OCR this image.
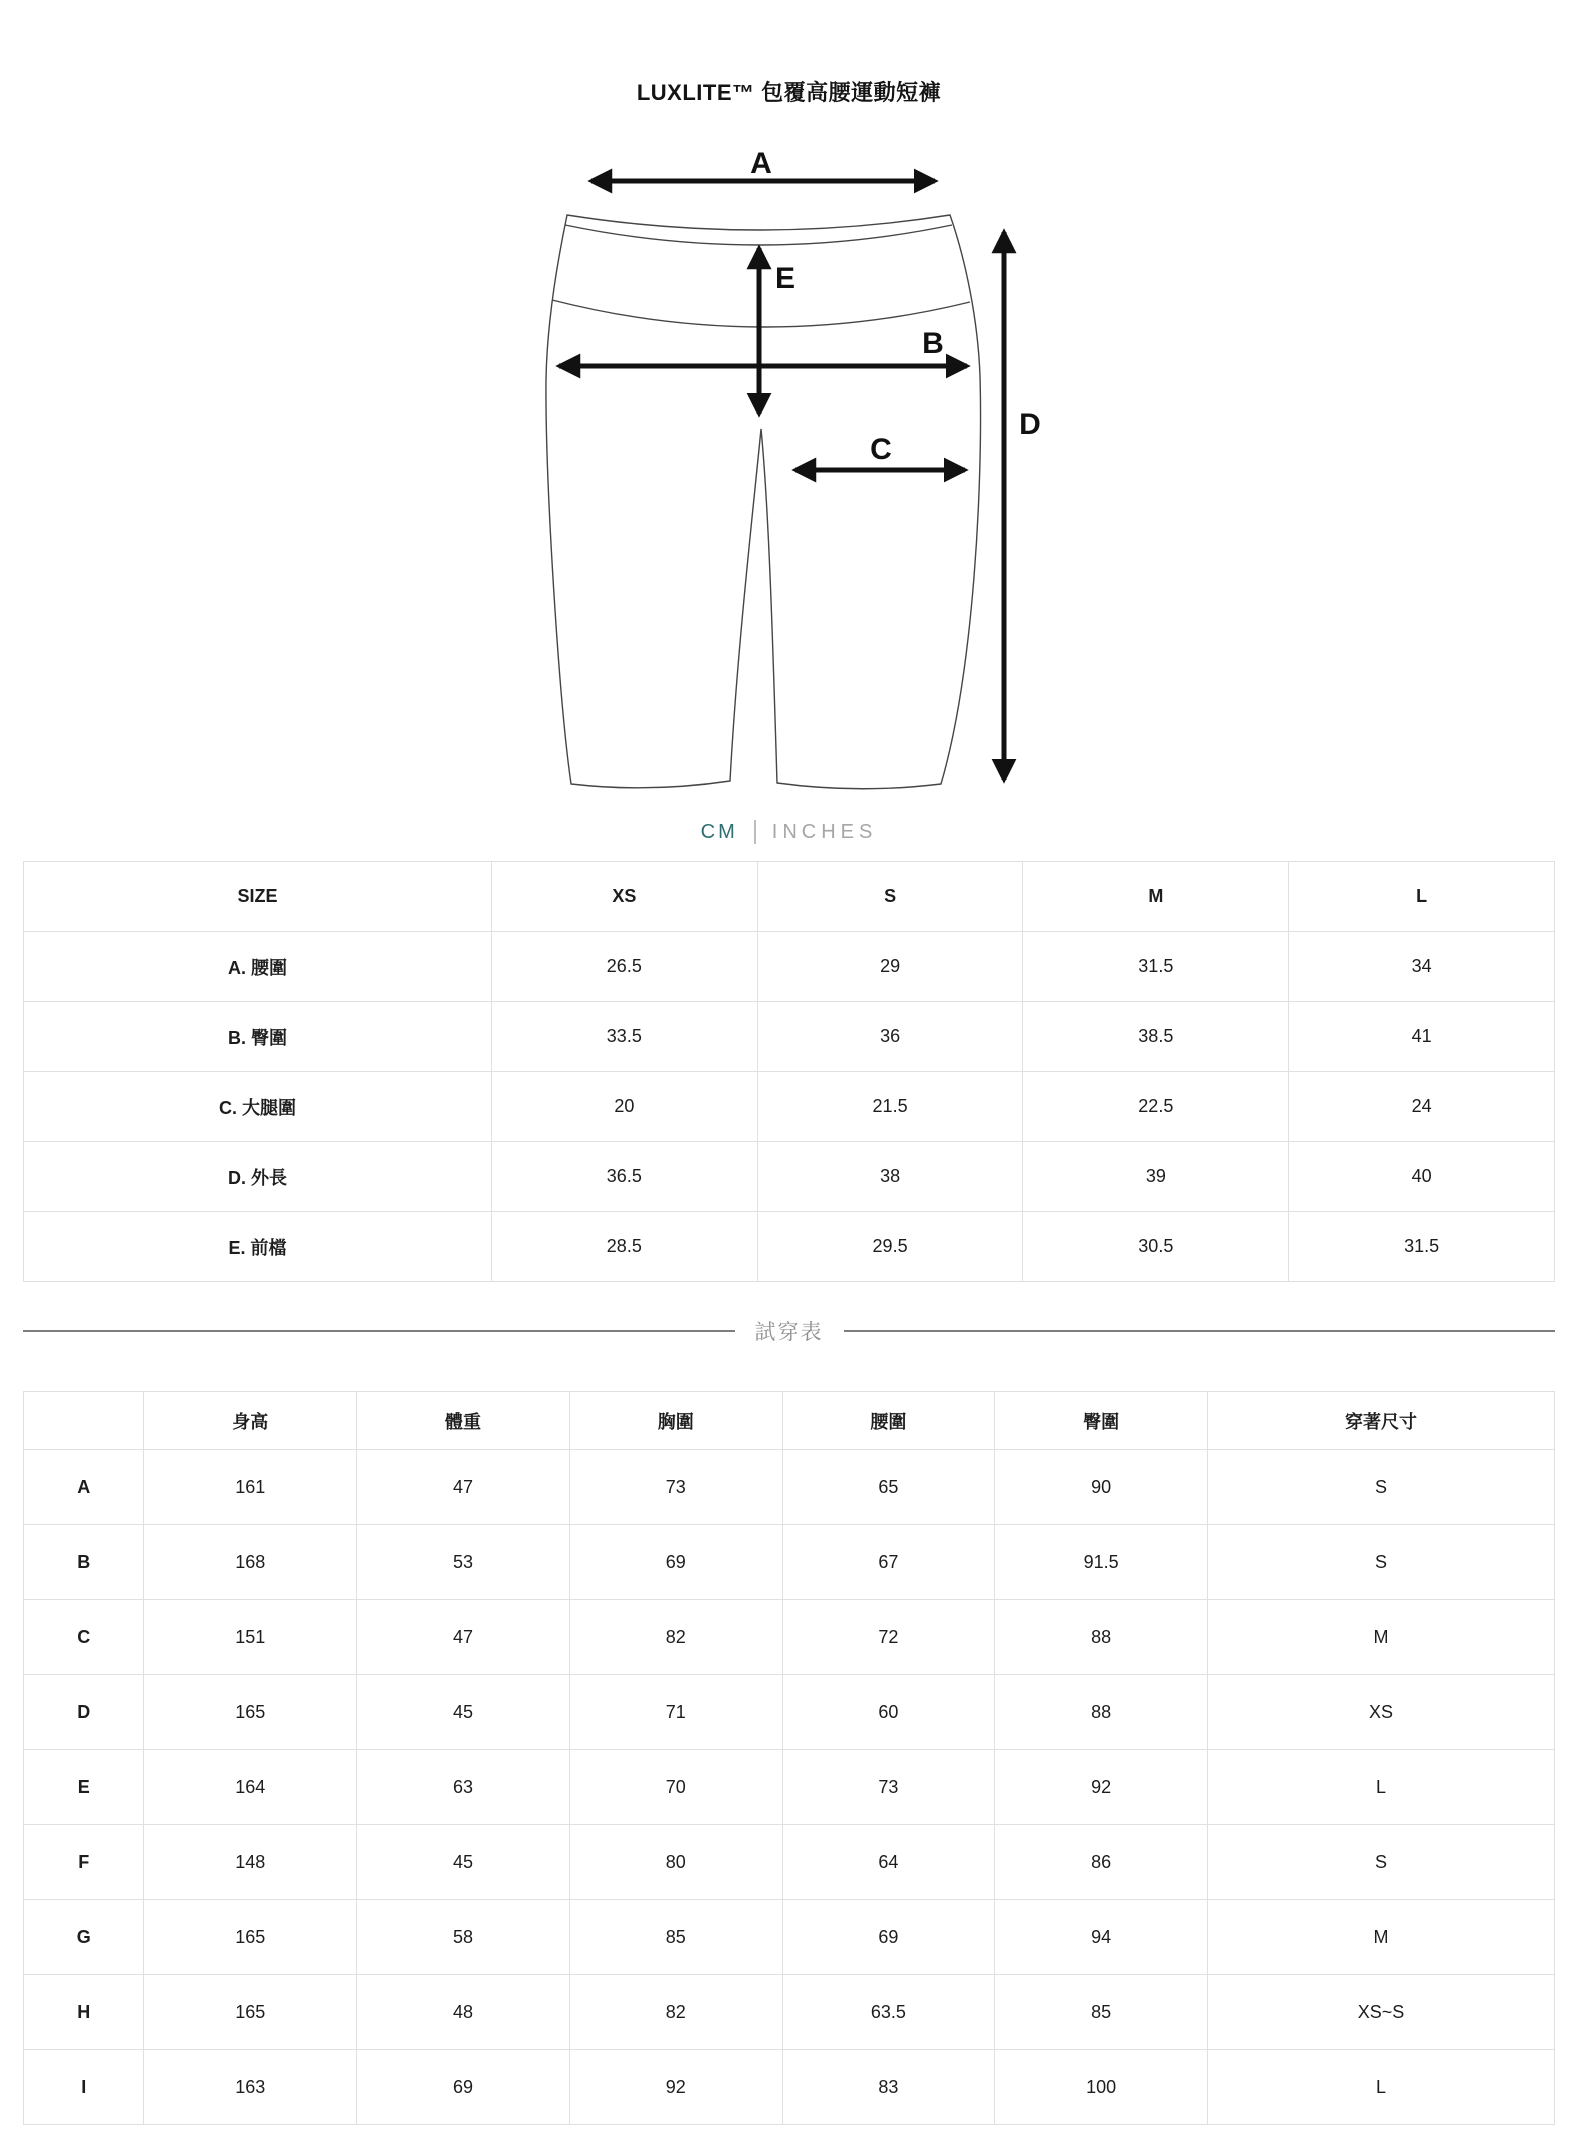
LUXLITE™ 包覆高腰運動短褲
A
E
B
C
D
CM INCHES
SIZE	XS	S	M	L
A. 腰圍	26.5	29	31.5	34
B. 臀圍	33.5	36	38.5	41
C. 大腿圍	20	21.5	22.5	24
D. 外長	36.5	38	39	40
E. 前檔	28.5	29.5	30.5	31.5
試穿表
	身高	體重	胸圍	腰圍	臀圍	穿著尺寸
A	161	47	73	65	90	S
B	168	53	69	67	91.5	S
C	151	47	82	72	88	M
D	165	45	71	60	88	XS
E	164	63	70	73	92	L
F	148	45	80	64	86	S
G	165	58	85	69	94	M
H	165	48	82	63.5	85	XS~S
I	163	69	92	83	100	L
